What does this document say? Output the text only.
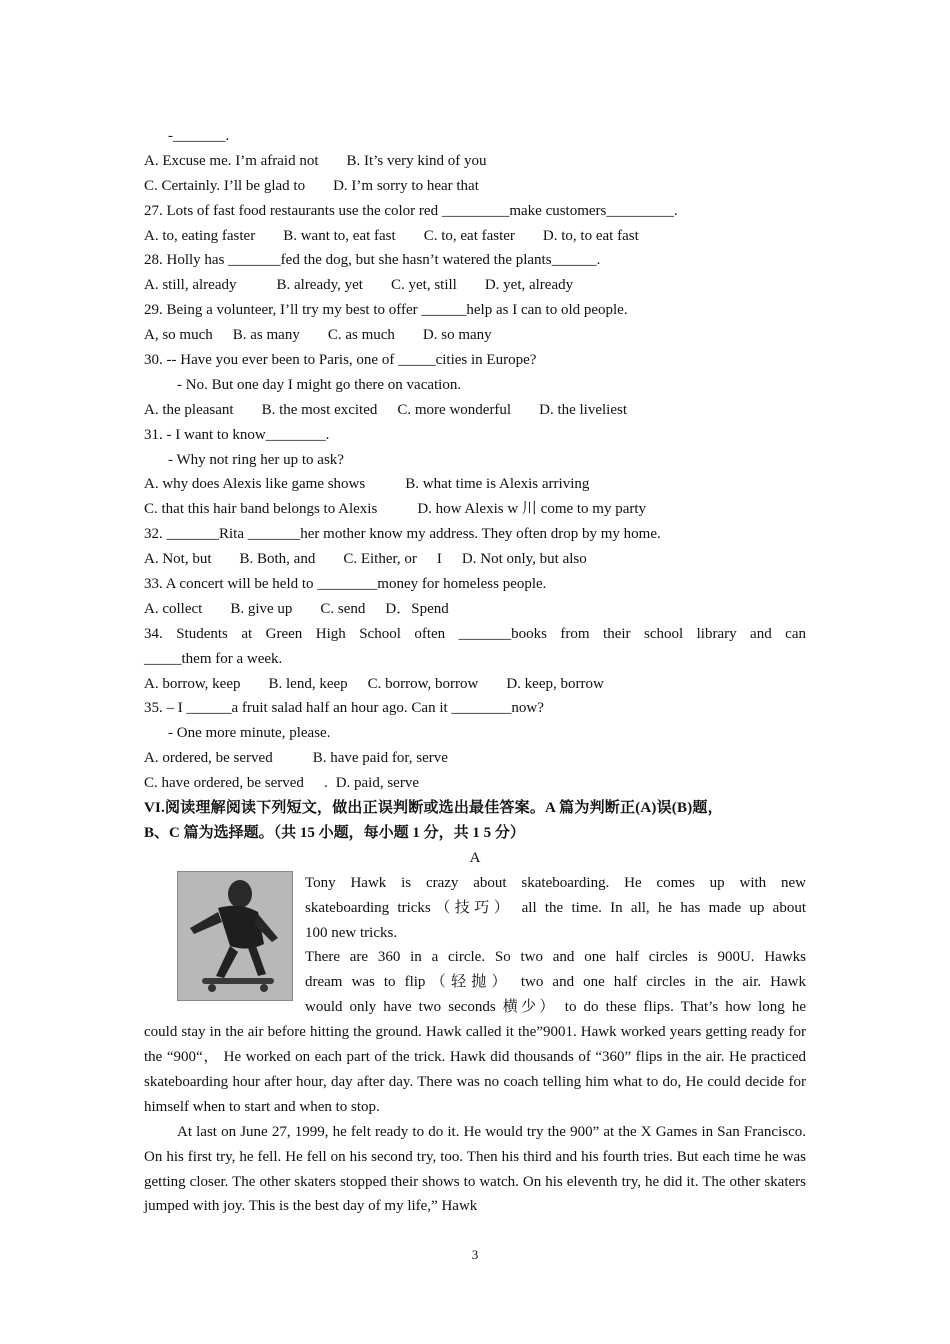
-_______.
A. Excuse me. I’m afraid not B. It’s very kind of you
C. Certainly. I’ll be glad to D. I’m sorry to hear that
27. Lots of fast food restaurants use the color red _________make customers_________.
A. to, eating faster B. want to, eat fast C. to, eat faster D. to, to eat fast
28. Holly has _______fed the dog, but she hasn’t watered the plants______.
A. still, already	B. already, yet C. yet, still D. yet, already
29. Being a volunteer, I’ll try my best to offer ______help as I can to old people.
A, so much B. as many C. as much D. so many
30. -- Have you ever been to Paris, one of _____cities in Europe?
- No. But one day I might go there on vacation.
A. the pleasant B. the most excited C. more wonderful D. the liveliest
31. - I want to know________.
- Why not ring her up to ask?
A. why does Alexis like game shows	B. what time is Alexis arriving
C. that this hair band belongs to Alexis	D. how Alexis w 川 come to my party
32. _______Rita _______her mother know my address. They often drop by my home.
A. Not, but B. Both, and C. Either, or I D. Not only, but also
33. A concert will be held to ________money for homeless people.
A. collect B. give up C. send D．Spend
34. Students at Green High School often _______books from their school library and can
_____them for a week.
A. borrow, keep B. lend, keep C. borrow, borrow D. keep, borrow
35. – I ______a fruit salad half an hour ago. Can it ________now?
- One more minute, please.
A. ordered, be served	B. have paid for, serve
C. have ordered, be served . D. paid, serve
VI.阅读理解阅读下列短文，做出正误判断或选出最佳答案。A 篇为判断正(A)误(B)题，
B、C 篇为选择题。（共 15 小题，每小题 1 分，共 1 5 分）
A
Tony Hawk is crazy about skateboarding. He comes up with new
skateboarding tricks（技巧） all the time. In all, he has made up about
100 new tricks.
There are 360 in a circle. So two and one half circles is 900U. Hawks
dream was to flip（轻抛） two and one half circles in the air. Hawk
would only have two seconds 横少） to do these flips. That’s how long he
could stay in the air before hitting the ground. Hawk called it the”9001. Hawk worked years getting ready for the “900“， He worked on each part of the trick. Hawk did thousands of “360” flips in the air. He practiced skateboarding hour after hour, day after day. There was no coach telling him what to do, He could decide for himself when to start and when to stop.
At last on June 27, 1999, he felt ready to do it. He would try the 900” at the X Games in San Francisco. On his first try, he fell. He fell on his second try, too. Then his third and his fourth tries. But each time he was getting closer. The other skaters stopped their shows to watch. On his eleventh try, he did it. The other skaters jumped with joy. This is the best day of my life,” Hawk
3
